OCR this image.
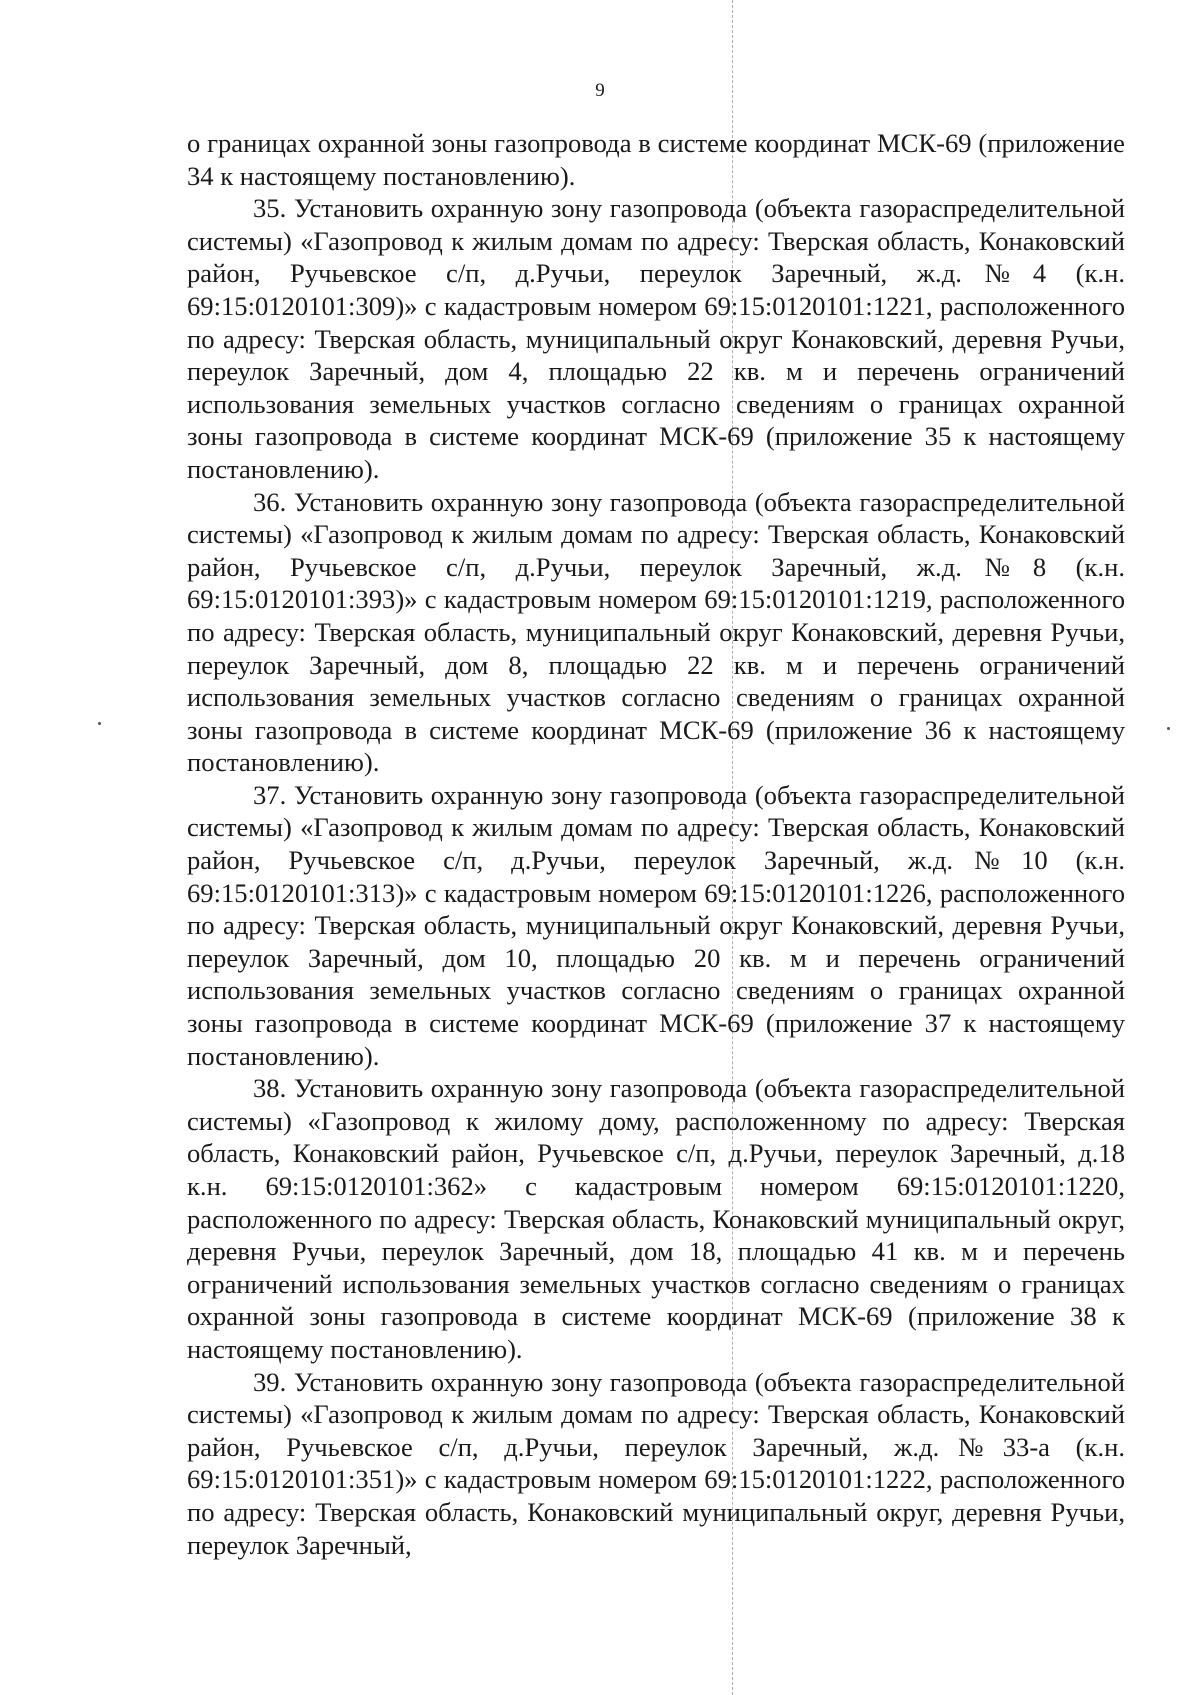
9

о границах охранной зоны газопровода в системе координат МСК-69 (приложение 34 к настоящему постановлению).

35. Установить охранную зону газопровода (объекта газораспределительной системы) «Газопровод к жилым домам по адресу: Тверская область, Конаковский район, Ручьевское с/п, д.Ручьи, переулок Заречный, ж.д.№4 (к.н. 69:15:0120101:309)» с кадастровым номером 69:15:0120101:1221, расположенного по адресу: Тверская область, муниципальный округ Конаковский, деревня Ручьи, переулок Заречный, дом 4, площадью 22 кв. м и перечень ограничений использования земельных участков согласно сведениям о границах охранной зоны газопровода в системе координат МСК-69 (приложение 35 к настоящему постановлению).

36. Установить охранную зону газопровода (объекта газораспределительной системы) «Газопровод к жилым домам по адресу: Тверская область, Конаковский район, Ручьевское с/п, д.Ручьи, переулок Заречный, ж.д.№8 (к.н. 69:15:0120101:393)» с кадастровым номером 69:15:0120101:1219, расположенного по адресу: Тверская область, муниципальный округ Конаковский, деревня Ручьи, переулок Заречный, дом 8, площадью 22 кв. м и перечень ограничений использования земельных участков согласно сведениям о границах охранной зоны газопровода в системе координат МСК-69 (приложение 36 к настоящему постановлению).

37. Установить охранную зону газопровода (объекта газораспределительной системы) «Газопровод к жилым домам по адресу: Тверская область, Конаковский район, Ручьевское с/п, д.Ручьи, переулок Заречный, ж.д.№10 (к.н. 69:15:0120101:313)» с кадастровым номером 69:15:0120101:1226, расположенного по адресу: Тверская область, муниципальный округ Конаковский, деревня Ручьи, переулок Заречный, дом 10, площадью 20 кв. м и перечень ограничений использования земельных участков согласно сведениям о границах охранной зоны газопровода в системе координат МСК-69 (приложение 37 к настоящему постановлению).

38. Установить охранную зону газопровода (объекта газораспределительной системы) «Газопровод к жилому дому, расположенному по адресу: Тверская область, Конаковский район, Ручьевское с/п, д.Ручьи, переулок Заречный, д.18 к.н. 69:15:0120101:362» с кадастровым номером 69:15:0120101:1220, расположенного по адресу: Тверская область, Конаковский муниципальный округ, деревня Ручьи, переулок Заречный, дом 18, площадью 41 кв. м и перечень ограничений использования земельных участков согласно сведениям о границах охранной зоны газопровода в системе координат МСК-69 (приложение 38 к настоящему постановлению).

39. Установить охранную зону газопровода (объекта газораспределительной системы) «Газопровод к жилым домам по адресу: Тверская область, Конаковский район, Ручьевское с/п, д.Ручьи, переулок Заречный, ж.д.№33-а (к.н. 69:15:0120101:351)» с кадастровым номером 69:15:0120101:1222, расположенного по адресу: Тверская область, Конаковский муниципальный округ, деревня Ручьи, переулок Заречный,
